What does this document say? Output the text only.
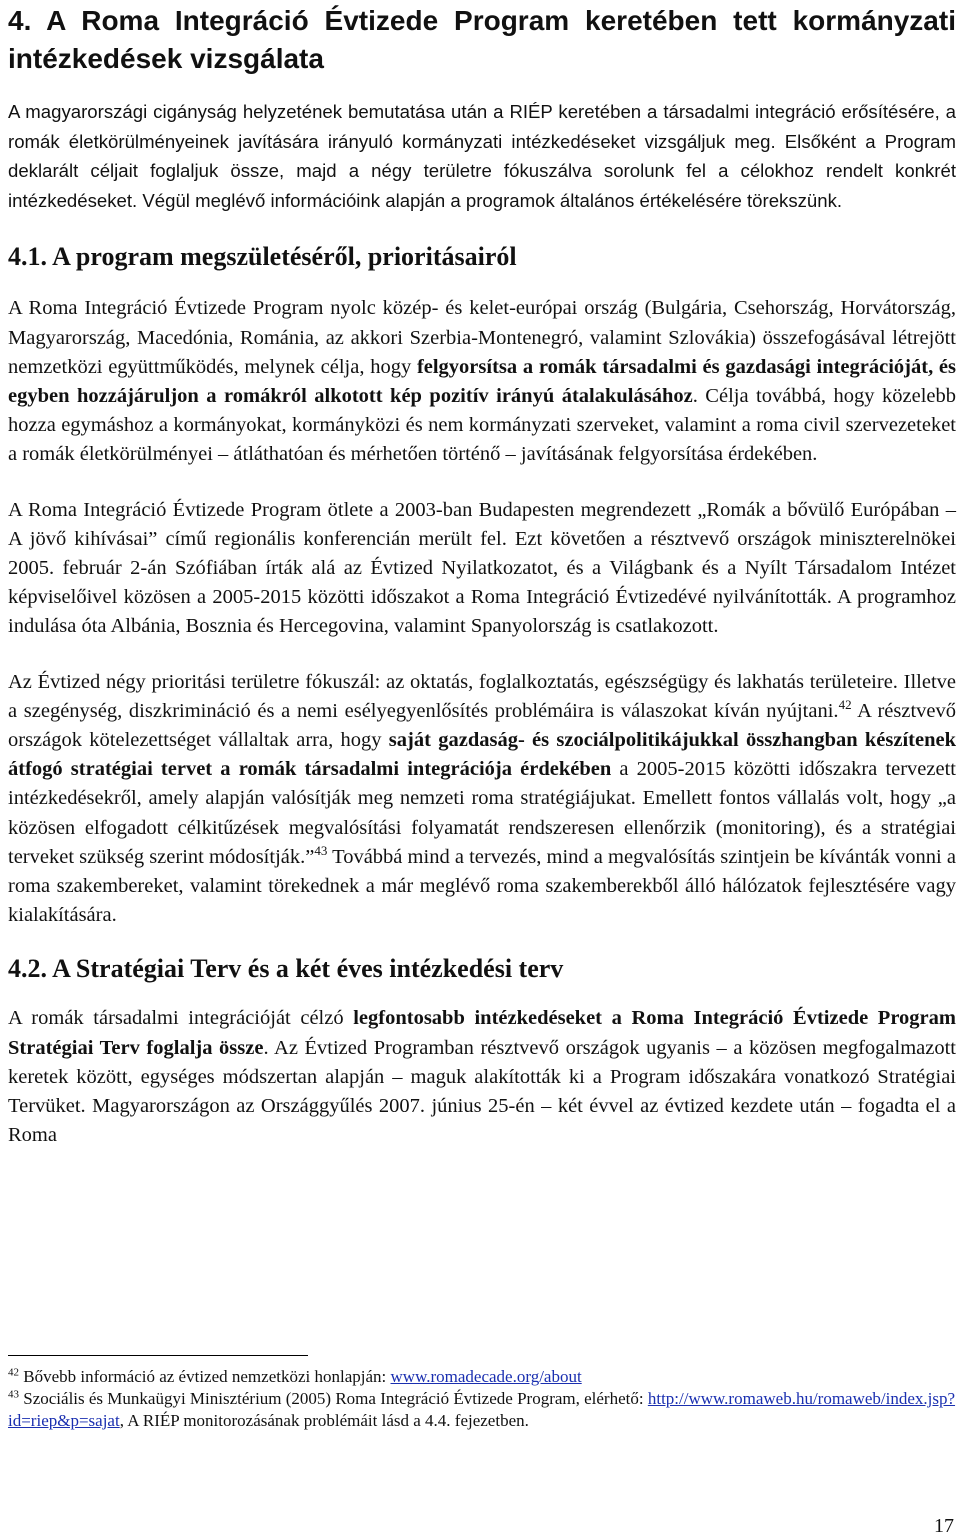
4. A Roma Integráció Évtizede Program keretében tett kormányzati intézkedések vizsgálata

A magyarországi cigányság helyzetének bemutatása után a RIÉP keretében a társadalmi integráció erősítésére, a romák életkörülményeinek javítására irányuló kormányzati intézkedéseket vizsgáljuk meg. Elsőként a Program deklarált céljait foglaljuk össze, majd a négy területre fókuszálva sorolunk fel a célokhoz rendelt konkrét intézkedéseket. Végül meglévő információink alapján a programok általános értékelésére törekszünk.

4.1. A program megszületéséről, prioritásairól

A Roma Integráció Évtizede Program nyolc közép- és kelet-európai ország (Bulgária, Csehország, Horvátország, Magyarország, Macedónia, Románia, az akkori Szerbia-Montenegró, valamint Szlovákia) összefogásával létrejött nemzetközi együttműködés, melynek célja, hogy felgyorsítsa a romák társadalmi és gazdasági integrációját, és egyben hozzájáruljon a romákról alkotott kép pozitív irányú átalakulásához. Célja továbbá, hogy közelebb hozza egymáshoz a kormányokat, kormányközi és nem kormányzati szerveket, valamint a roma civil szervezeteket a romák életkörülményei – átláthatóan és mérhetően történő – javításának felgyorsítása érdekében.

A Roma Integráció Évtizede Program ötlete a 2003-ban Budapesten megrendezett „Romák a bővülő Európában – A jövő kihívásai” című regionális konferencián merült fel. Ezt követően a résztvevő országok miniszterelnökei 2005. február 2-án Szófiában írták alá az Évtized Nyilatkozatot, és a Világbank és a Nyílt Társadalom Intézet képviselőivel közösen a 2005-2015 közötti időszakot a Roma Integráció Évtizedévé nyilvánították. A programhoz indulása óta Albánia, Bosznia és Hercegovina, valamint Spanyolország is csatlakozott.

Az Évtized négy prioritási területre fókuszál: az oktatás, foglalkoztatás, egészségügy és lakhatás területeire. Illetve a szegénység, diszkrimináció és a nemi esélyegyenlősítés problémáira is válaszokat kíván nyújtani.$^{42}$ A résztvevő országok kötelezettséget vállaltak arra, hogy saját gazdaság- és szociálpolitikájukkal összhangban készítenek átfogó stratégiai tervet a romák társadalmi integrációja érdekében a 2005-2015 közötti időszakra tervezett intézkedésekről, amely alapján valósítják meg nemzeti roma stratégiájukat. Emellett fontos vállalás volt, hogy „a közösen elfogadott célkitűzések megvalósítási folyamatát rendszeresen ellenőrzik (monitoring), és a stratégiai terveket szükség szerint módosítják.”$^{43}$ Továbbá mind a tervezés, mind a megvalósítás szintjein be kívánták vonni a roma szakembereket, valamint törekednek a már meglévő roma szakemberekből álló hálózatok fejlesztésére vagy kialakítására.

4.2. A Stratégiai Terv és a két éves intézkedési terv

A romák társadalmi integrációját célzó legfontosabb intézkedéseket a Roma Integráció Évtizede Program Stratégiai Terv foglalja össze. Az Évtized Programban résztvevő országok ugyanis – a közösen megfogalmazott keretek között, egységes módszertan alapján – maguk alakították ki a Program időszakára vonatkozó Stratégiai Tervüket. Magyarországon az Országgyűlés 2007. június 25-én – két évvel az évtized kezdete után – fogadta el a Roma

$^{42}$ Bővebb információ az évtized nemzetközi honlapján: www.romadecade.org/about
$^{43}$ Szociális és Munkaügyi Minisztérium (2005) Roma Integráció Évtizede Program, elérhető: http://www.romaweb.hu/romaweb/index.jsp?id=riep&p=sajat, A RIÉP monitorozásának problémáit lásd a 4.4. fejezetben.
17
